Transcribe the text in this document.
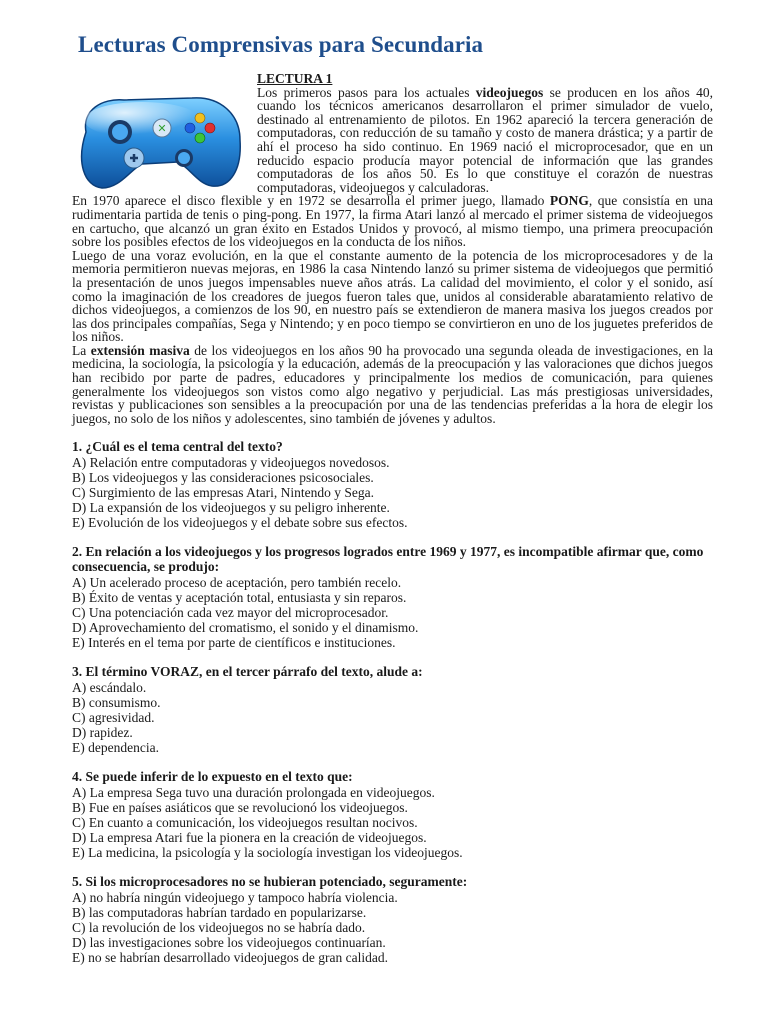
Lecturas Comprensivas para Secundaria
✕
LECTURA 1
Los primeros pasos para los actuales videojuegos se producen en los años 40, cuando los técnicos americanos desarrollaron el primer simulador de vuelo, destinado al entrenamiento de pilotos. En 1962 apareció la tercera generación de computadoras, con reducción de su tamaño y costo de manera drástica; y a partir de ahí el proceso ha sido continuo. En 1969 nació el microprocesador, que en un reducido espacio producía mayor potencial de información que las grandes computadoras de los años 50. Es lo que constituye el corazón de nuestras computadoras, videojuegos y calculadoras.
En 1970 aparece el disco flexible y en 1972 se desarrolla el primer juego, llamado PONG, que consistía en una rudimentaria partida de tenis o ping-pong. En 1977, la firma Atari lanzó al mercado el primer sistema de videojuegos en cartucho, que alcanzó un gran éxito en Estados Unidos y provocó, al mismo tiempo, una primera preocupación sobre los posibles efectos de los videojuegos en la conducta de los niños.
Luego de una voraz evolución, en la que el constante aumento de la potencia de los microprocesadores y de la memoria permitieron nuevas mejoras, en 1986 la casa Nintendo lanzó su primer sistema de videojuegos que permitió la presentación de unos juegos impensables nueve años atrás. La calidad del movimiento, el color y el sonido, así como la imaginación de los creadores de juegos fueron tales que, unidos al considerable abaratamiento relativo de dichos videojuegos, a comienzos de los 90, en nuestro país se extendieron de manera masiva los juegos creados por las dos principales compañías, Sega y Nintendo; y en poco tiempo se convirtieron en uno de los juguetes preferidos de los niños.
La extensión masiva de los videojuegos en los años 90 ha provocado una segunda oleada de investigaciones, en la medicina, la sociología, la psicología y la educación, además de la preocupación y las valoraciones que dichos juegos han recibido por parte de padres, educadores y principalmente los medios de comunicación, para quienes generalmente los videojuegos son vistos como algo negativo y perjudicial. Las más prestigiosas universidades, revistas y publicaciones son sensibles a la preocupación por una de las tendencias preferidas a la hora de elegir los juegos, no solo de los niños y adolescentes, sino también de jóvenes y adultos.
1. ¿Cuál es el tema central del texto?
A) Relación entre computadoras y videojuegos novedosos.
B) Los videojuegos y las consideraciones psicosociales.
C) Surgimiento de las empresas Atari, Nintendo y Sega.
D) La expansión de los videojuegos y su peligro inherente.
E) Evolución de los videojuegos y el debate sobre sus efectos.
2. En relación a los videojuegos y los progresos logrados entre 1969 y 1977, es incompatible afirmar que, como consecuencia, se produjo:
A) Un acelerado proceso de aceptación, pero también recelo.
B) Éxito de ventas y aceptación total, entusiasta y sin reparos.
C) Una potenciación cada vez mayor del microprocesador.
D) Aprovechamiento del cromatismo, el sonido y el dinamismo.
E) Interés en el tema por parte de científicos e instituciones.
3. El término VORAZ, en el tercer párrafo del texto, alude a:
A) escándalo.
B) consumismo.
C) agresividad.
D) rapidez.
E) dependencia.
4. Se puede inferir de lo expuesto en el texto que:
A) La empresa Sega tuvo una duración prolongada en videojuegos.
B) Fue en países asiáticos que se revolucionó los videojuegos.
C) En cuanto a comunicación, los videojuegos resultan nocivos.
D) La empresa Atari fue la pionera en la creación de videojuegos.
E) La medicina, la psicología y la sociología investigan los videojuegos.
5. Si los microprocesadores no se hubieran potenciado, seguramente:
A) no habría ningún videojuego y tampoco habría violencia.
B) las computadoras habrían tardado en popularizarse.
C) la revolución de los videojuegos no se habría dado.
D) las investigaciones sobre los videojuegos continuarían.
E) no se habrían desarrollado videojuegos de gran calidad.
